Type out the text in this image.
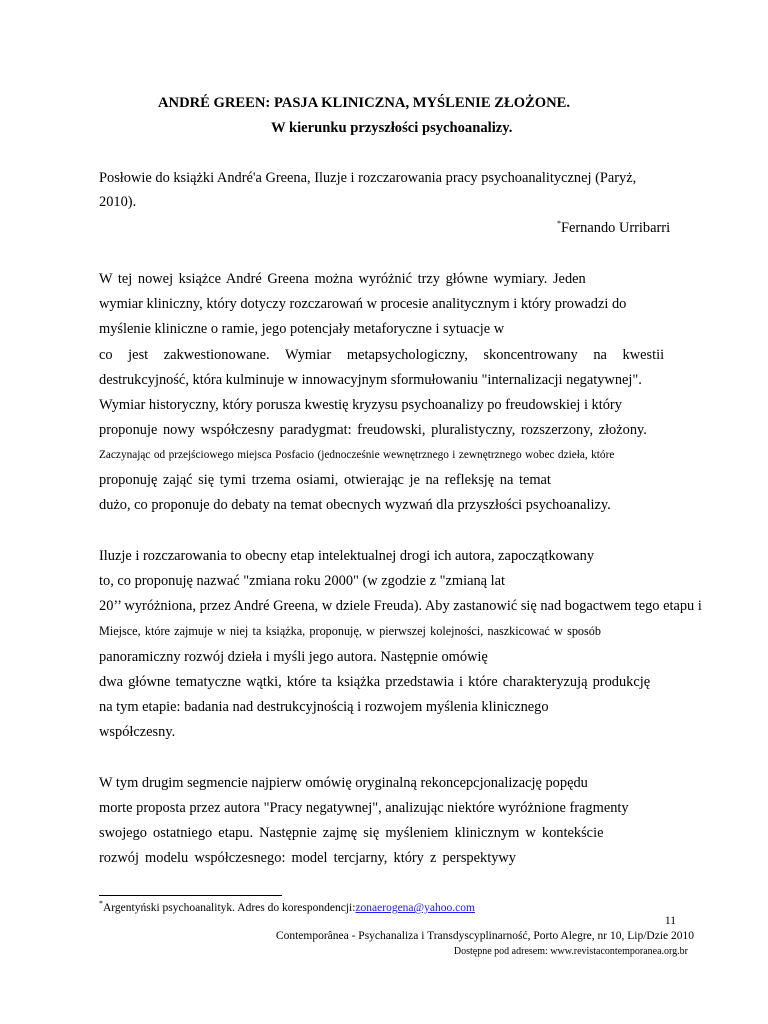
ANDRÉ GREEN: PASJA KLINICZNA, MYŚLENIE ZŁOŻONE.
W kierunku przyszłości psychoanalizy.
Posłowie do książki André'a Greena, Iluzje i rozczarowania pracy psychoanalitycznej (Paryż,
2010).
*Fernando Urribarri
W tej nowej książce André Greena można wyróżnić trzy główne wymiary. Jeden
wymiar kliniczny, który dotyczy rozczarowań w procesie analitycznym i który prowadzi do
myślenie kliniczne o ramie, jego potencjały metaforyczne i sytuacje w
co jest zakwestionowane. Wymiar metapsychologiczny, skoncentrowany na kwestii
destrukcyjność, która kulminuje w innowacyjnym sformułowaniu "internalizacji negatywnej".
Wymiar historyczny, który porusza kwestię kryzysu psychoanalizy po freudowskiej i który
proponuje nowy współczesny paradygmat: freudowski, pluralistyczny, rozszerzony, złożony.
Zaczynając od przejściowego miejsca Posfacio (jednocześnie wewnętrznego i zewnętrznego wobec dzieła, które
proponuję zająć się tymi trzema osiami, otwierając je na refleksję na temat
dużo, co proponuje do debaty na temat obecnych wyzwań dla przyszłości psychoanalizy.
Iluzje i rozczarowania to obecny etap intelektualnej drogi ich autora, zapoczątkowany
to, co proponuję nazwać "zmiana roku 2000" (w zgodzie z "zmianą lat
20’’ wyróżniona, przez André Greena, w dziele Freuda). Aby zastanowić się nad bogactwem tego etapu i
Miejsce, które zajmuje w niej ta książka, proponuję, w pierwszej kolejności, naszkicować w sposób
panoramiczny rozwój dzieła i myśli jego autora. Następnie omówię
dwa główne tematyczne wątki, które ta książka przedstawia i które charakteryzują produkcję
na tym etapie: badania nad destrukcyjnością i rozwojem myślenia klinicznego
współczesny.
W tym drugim segmencie najpierw omówię oryginalną rekoncepcjonalizację popędu
morte proposta przez autora "Pracy negatywnej", analizując niektóre wyróżnione fragmenty
swojego ostatniego etapu. Następnie zajmę się myśleniem klinicznym w kontekście
rozwój modelu współczesnego: model tercjarny, który z perspektywy
*Argentyński psychoanalityk. Adres do korespondencji:zonaerogena@yahoo.com
11
Contemporânea - Psychanaliza i Transdyscyplinarność, Porto Alegre, nr 10, Lip/Dzie 2010
Dostępne pod adresem: www.revistacontemporanea.org.br
